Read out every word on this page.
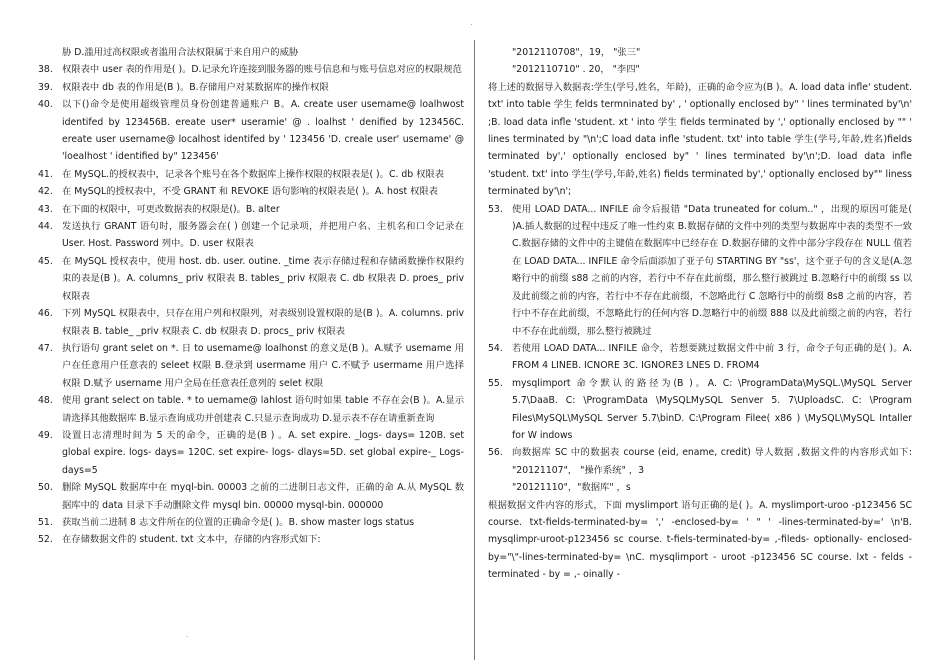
.
胁 D.滥用过高权限或者滥用合法权限属于来自用户的威胁
38. 权限表中 user 表的作用是( )。D.记录允许连接到服务器的账号信息和与账号信息对应的权限规范
39. 权限表中 db 表的作用是(B )。B.存储用户对某数据库的操作权限
40. 以下()命令是使用超级管理员身份创建普通账户 B。A. create user usemame@ loalhwost identifed by 123456B. ereate user* useramie' @ . loalhst ' denified by 123456C. ereate user username@ localhost identifed by ' 123456 'D. creale user' usemame' @ 'loealhost ' identified by" 123456'
41. 在 MySQL.的授权表中，记录各个账号在各个数据库上操作权限的权限表是( )。C. db 权限表
42. 在 MySQL的授权表中，不受 GRANT 和 REVOKE 语句影响的权限表是( )。A. host 权限表
43. 在下面的权限中，可更改数据表的权限是()。B. alter
44. 发送执行 GRANT 语句时，服务器会在( ) 创建一个记录项，并把用户名、主机名和口令记录在 User. Host. Password 列中。D. user 权限表
45. 在 MySQL 授权表中，使用 host. db. user. outine. _time 表示存储过程和存储函数操作权限约束的表是(B )。A. columns_ priv 权限表 B. tables_ priv 权限表 C. db 权限表 D. proes_ priv 权限表
46. 下列 MySQL 权限表中，只存在用户列和权限列，对表级别设置权限的是(B )。A. columns. priv 权限表 B. table_ _priv 权限表 C. db 权限表 D. procs_ priv 权限表
47. 执行语句 grant selet on *. 日 to usemame@ loalhonst 的意义是(B )。A.赋予 usemame 用户在任意用户任意表的 seleet 权限 B.登录到 usermame 用户 C.不赋予 usermame 用户选择权限 D.赋予 username 用户全局在任意表任意列的 selet 权限
48. 使用 grant select on table. * to uemame@ lahlost 语句时如果 table 不存在会(B )。A.显示请选择其他数据库 B.显示查询成功并创建表 C.只显示查询成功 D.显示表不存在请重新查询
49. 设置日志清理时间为 5 天的命令，正确的是(B ) 。A. set expire. _logs- days= 120B. set global expire. logs- days= 120C. set expire- logs- dlays=5D. set global expire-_ Logs- days=5
50. 删除 MySQL 数据库中在 myql-bin. 00003 之前的二进制日志文件，正确的命 A.从 MySQL 数据库中的 data 目录下手动删除文件 mysql bin. 00000 mysql-bin. 000000
51. 获取当前二进制 8 志文件所在的位置的正确命令是( )。B. show master logs status
52. 在存储数据文件的 student. txt 文本中，存储的内容形式如下:
"2012110708"，19， "张三"
"2012110710" . 20， "李四"
将上述的数据导入数据表:学生(学号,姓名，年龄)，正确的命令应为(B )。A. load data infle' student. txt' into table 学生 felds termninated by' , ' optionally enclosed by" ' lines terminated by'\n' ;B. load data infle 'student. xt ' into 学生 fields terminated by ',' optionally enclosed by "" ' lines terminated by "\n';C load data infle 'student. txt' into table 学生(学号,年龄,姓名)fields terminated by',' optionally enclosed by" ' lines terminated by'\n';D. load data infle 'student. txt' into 学生(学号,年龄,姓名) fields terminated by',' optionally enclosed by"" liness terminated by'\n';
53. 使用 LOAD DATA... INFILE 命令后报错 "Data truneated for colum.." ，出现的原因可能是( )A.插人数据的过程中违反了唯一性约束 B.数据存储的文件中列的类型与数据库中表的类型不一致 C.数据存储的文件中的主键值在数据库中已经存在 D.数据存储的文件中部分字段存在 NULL 值若在 LOAD DATA... INFILE 命令后面添加了亚子句 STARTING BY "ss'，这个亚子句的含义是(A.忽略行中的前缀 s88 之前的内容，若行中不存在此前缀，那么整行被跳过 B.忽略行中的前缀 ss 以及此前缀之前的内容，若行中不存在此前缀，不忽略此行 C 忽略行中的前缀 8s8 之前的内容，若行中不存在此前缀，不忽略此行的任何内容 D.忽略行中的前缀 888 以及此前缀之前的内容，若行中不存在此前缀，那么整行被跳过
54. 若使用 LOAD DATA... INFILE 命令，若想要跳过数据文件中前 3 行，命令子句正确的是( )。A. FROM 4 LINEB. ICNORE 3C. IGNORE3 LNES D. FROM4
55. mysqlimport 命令默认的路径为(B )。A. C: \ProgramData\MySQL.\MySQL Server 5.7\DaaB. C: \ProgramData \MySQLMySQL Senver 5. 7\UploadsC. C: \Program Files\MySQL\MySQL Server 5.7\binD. C:\Program Filee( x86 ) \MySQL\MySQL Intaller for W indows
56. 向数据库 SC 中的数据表 course (eid, ename, credit) 导人数据 ,数据文件的内容形式如下: "20121107"， "操作系统" ，3
"20121110"，"数据库" ，s
根据数据文件内容的形式，下面 myslimport 语句正确的是( )。A. myslimport-uroo -p123456 SC course. txt-fields-terminated-by= ',' -enclosed-by= ' " ' -lines-terminated-by=' \n'B. mysqlimpr-uroot-p123456 sc course. t-fiels-terminated-by= ,-fileds- optionally- enclosed-by="\"-lines-terminated-by= \nC. mysqlimport - uroot -p123456 SC course. lxt - felds - terminated - by = ,- oinally -
.
